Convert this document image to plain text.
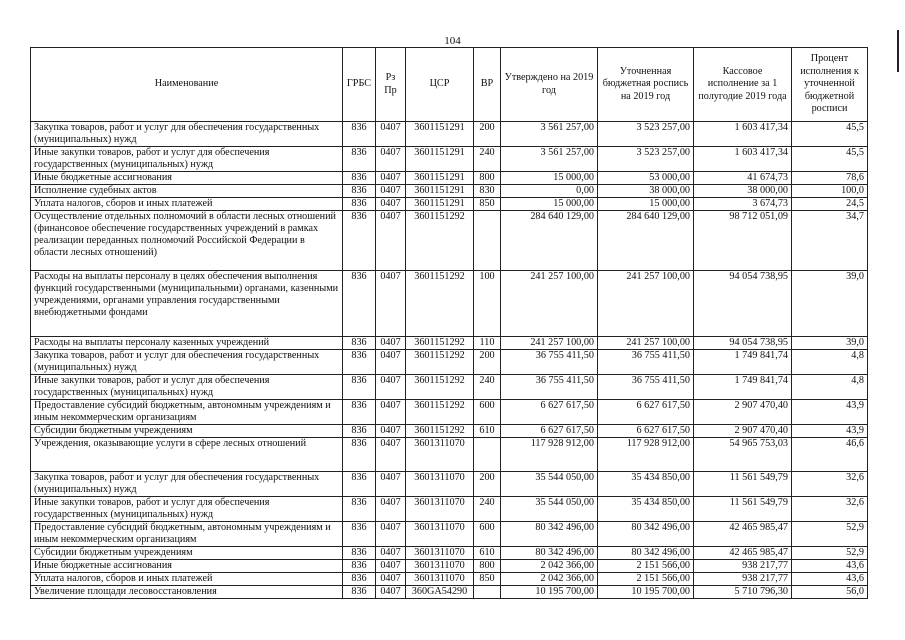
104
Наименование	ГРБС	Рз Пр	ЦСР	ВР	Утверждено на 2019 год	Уточненная бюджетная роспись на 2019 год	Кассовое исполнение за 1 полугодие 2019 года	Процент исполнения к уточненной бюджетной росписи
Закупка товаров, работ и услуг для обеспечения государственных (муниципальных) нужд	836	0407	3601151291	200	3 561 257,00	3 523 257,00	1 603 417,34	45,5
Иные закупки товаров, работ и услуг для обеспечения государственных (муниципальных) нужд	836	0407	3601151291	240	3 561 257,00	3 523 257,00	1 603 417,34	45,5
Иные бюджетные ассигнования	836	0407	3601151291	800	15 000,00	53 000,00	41 674,73	78,6
Исполнение судебных актов	836	0407	3601151291	830	0,00	38 000,00	38 000,00	100,0
Уплата налогов, сборов и иных платежей	836	0407	3601151291	850	15 000,00	15 000,00	3 674,73	24,5
Осуществление отдельных полномочий в области лесных отношений (финансовое обеспечение государственных учреждений в рамках реализации переданных полномочий Российской Федерации в области лесных отношений)	836	0407	3601151292		284 640 129,00	284 640 129,00	98 712 051,09	34,7
Расходы на выплаты персоналу в целях обеспечения выполнения функций государственными (муниципальными) органами, казенными учреждениями, органами управления государственными внебюджетными фондами	836	0407	3601151292	100	241 257 100,00	241 257 100,00	94 054 738,95	39,0
Расходы на выплаты персоналу казенных учреждений	836	0407	3601151292	110	241 257 100,00	241 257 100,00	94 054 738,95	39,0
Закупка товаров, работ и услуг для обеспечения государственных (муниципальных) нужд	836	0407	3601151292	200	36 755 411,50	36 755 411,50	1 749 841,74	4,8
Иные закупки товаров, работ и услуг для обеспечения государственных (муниципальных) нужд	836	0407	3601151292	240	36 755 411,50	36 755 411,50	1 749 841,74	4,8
Предоставление субсидий бюджетным, автономным учреждениям и иным некоммерческим организациям	836	0407	3601151292	600	6 627 617,50	6 627 617,50	2 907 470,40	43,9
Субсидии бюджетным учреждениям	836	0407	3601151292	610	6 627 617,50	6 627 617,50	2 907 470,40	43,9
Учреждения, оказывающие услуги в сфере лесных отношений	836	0407	3601311070		117 928 912,00	117 928 912,00	54 965 753,03	46,6
Закупка товаров, работ и услуг для обеспечения государственных (муниципальных) нужд	836	0407	3601311070	200	35 544 050,00	35 434 850,00	11 561 549,79	32,6
Иные закупки товаров, работ и услуг для обеспечения государственных (муниципальных) нужд	836	0407	3601311070	240	35 544 050,00	35 434 850,00	11 561 549,79	32,6
Предоставление субсидий бюджетным, автономным учреждениям и иным некоммерческим организациям	836	0407	3601311070	600	80 342 496,00	80 342 496,00	42 465 985,47	52,9
Субсидии бюджетным учреждениям	836	0407	3601311070	610	80 342 496,00	80 342 496,00	42 465 985,47	52,9
Иные бюджетные ассигнования	836	0407	3601311070	800	2 042 366,00	2 151 566,00	938 217,77	43,6
Уплата налогов, сборов и иных платежей	836	0407	3601311070	850	2 042 366,00	2 151 566,00	938 217,77	43,6
Увеличение площади лесовосстановления	836	0407	360GA54290		10 195 700,00	10 195 700,00	5 710 796,30	56,0
